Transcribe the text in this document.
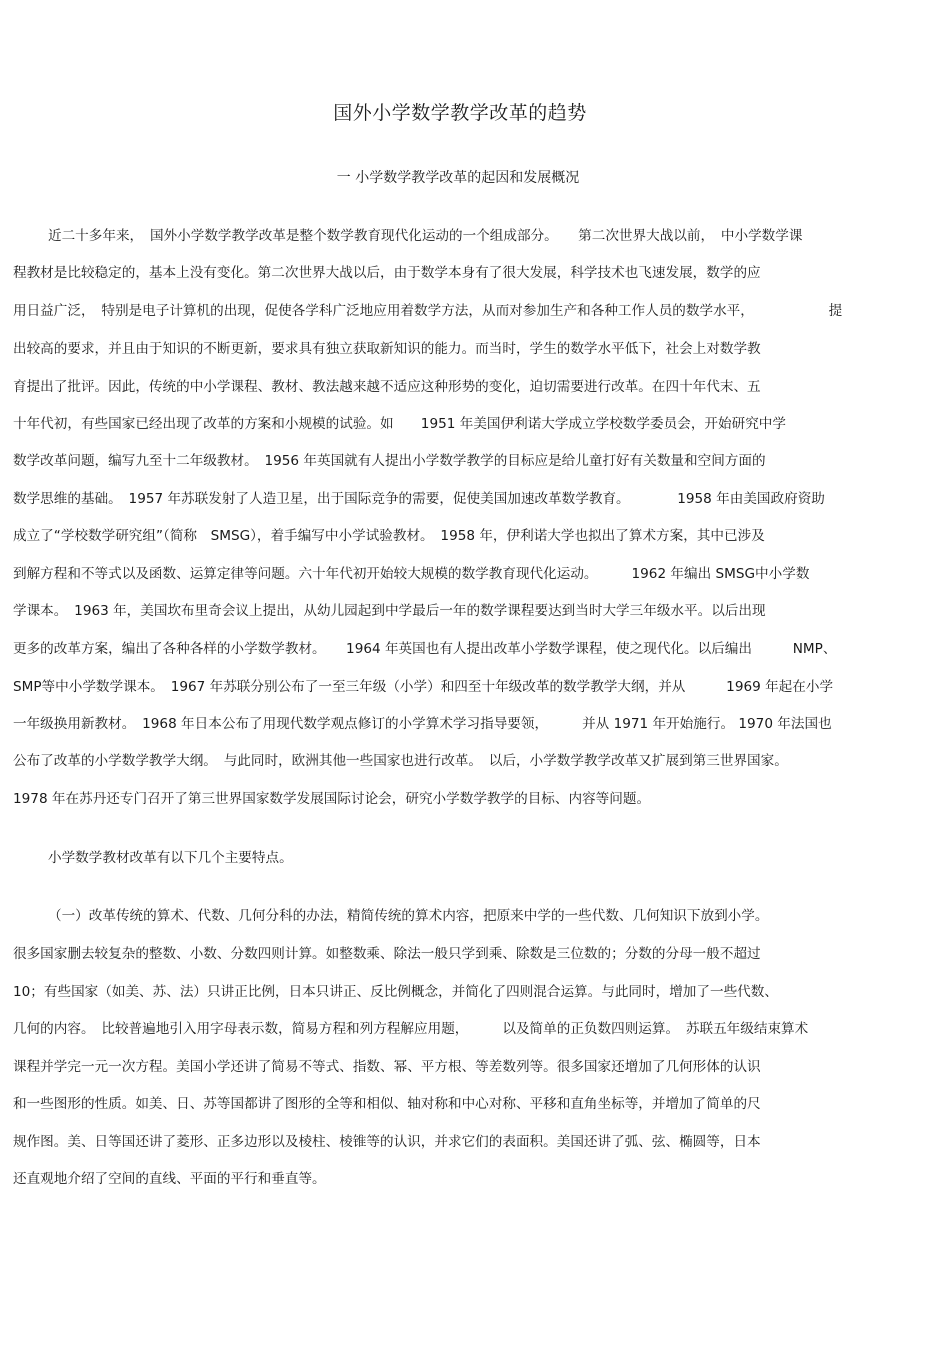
国外小学数学教学改革的趋势
一 小学数学教学改革的起因和发展概况
近二十多年来，　国外小学数学教学改革是整个数学教育现代化运动的一个组成部分。　　第二次世界大战以前，　中小学数学课
程教材是比较稳定的，基本上没有变化。第二次世界大战以后，由于数学本身有了很大发展，科学技术也飞速发展，数学的应
用日益广泛，　特别是电子计算机的出现，促使各学科广泛地应用着数学方法，从而对参加生产和各种工作人员的数学水平，　　　　　　提
出较高的要求，并且由于知识的不断更新，要求具有独立获取新知识的能力。而当时，学生的数学水平低下，社会上对数学教
育提出了批评。因此，传统的中小学课程、教材、教法越来越不适应这种形势的变化，迫切需要进行改革。在四十年代末、五
十年代初，有些国家已经出现了改革的方案和小规模的试验。如　　1951 年美国伊利诺大学成立学校数学委员会，开始研究中学
数学改革问题，编写九至十二年级教材。　1956 年英国就有人提出小学数学教学的目标应是给儿童打好有关数量和空间方面的
数学思维的基础。　1957 年苏联发射了人造卫星，出于国际竞争的需要，促使美国加速改革数学教育。　　　　1958 年由美国政府资助
成立了“学校数学研究组”（简称　SMSG），着手编写中小学试验教材。　1958 年，伊利诺大学也拟出了算术方案，其中已涉及
到解方程和不等式以及函数、运算定律等问题。六十年代初开始较大规模的数学教育现代化运动。　　　1962 年编出 SMSG中小学数
学课本。　1963 年，美国坎布里奇会议上提出，从幼儿园起到中学最后一年的数学课程要达到当时大学三年级水平。以后出现
更多的改革方案，编出了各种各样的小学数学教材。　　1964 年英国也有人提出改革小学数学课程，使之现代化。以后编出　　　NMP、
SMP等中小学数学课本。　1967 年苏联分别公布了一至三年级（小学）和四至十年级改革的数学教学大纲，并从　　　1969 年起在小学
一年级换用新教材。　1968 年日本公布了用现代数学观点修订的小学算术学习指导要领，　　　并从 1971 年开始施行。 1970 年法国也
公布了改革的小学数学教学大纲。　与此同时，欧洲其他一些国家也进行改革。　以后，小学数学教学改革又扩展到第三世界国家。
1978 年在苏丹还专门召开了第三世界国家数学发展国际讨论会，研究小学数学教学的目标、内容等问题。
小学数学教材改革有以下几个主要特点。
（一）改革传统的算术、代数、几何分科的办法，精简传统的算术内容，把原来中学的一些代数、几何知识下放到小学。
很多国家删去较复杂的整数、小数、分数四则计算。如整数乘、除法一般只学到乘、除数是三位数的；分数的分母一般不超过
10；有些国家（如美、苏、法）只讲正比例，日本只讲正、反比例概念，并简化了四则混合运算。与此同时，增加了一些代数、
几何的内容。　比较普遍地引入用字母表示数，简易方程和列方程解应用题，　　　以及简单的正负数四则运算。　苏联五年级结束算术
课程并学完一元一次方程。美国小学还讲了简易不等式、指数、幂、平方根、等差数列等。很多国家还增加了几何形体的认识
和一些图形的性质。如美、日、苏等国都讲了图形的全等和相似、轴对称和中心对称、平移和直角坐标等，并增加了简单的尺
规作图。美、日等国还讲了菱形、正多边形以及棱柱、棱锥等的认识，并求它们的表面积。美国还讲了弧、弦、椭圆等，日本
还直观地介绍了空间的直线、平面的平行和垂直等。
